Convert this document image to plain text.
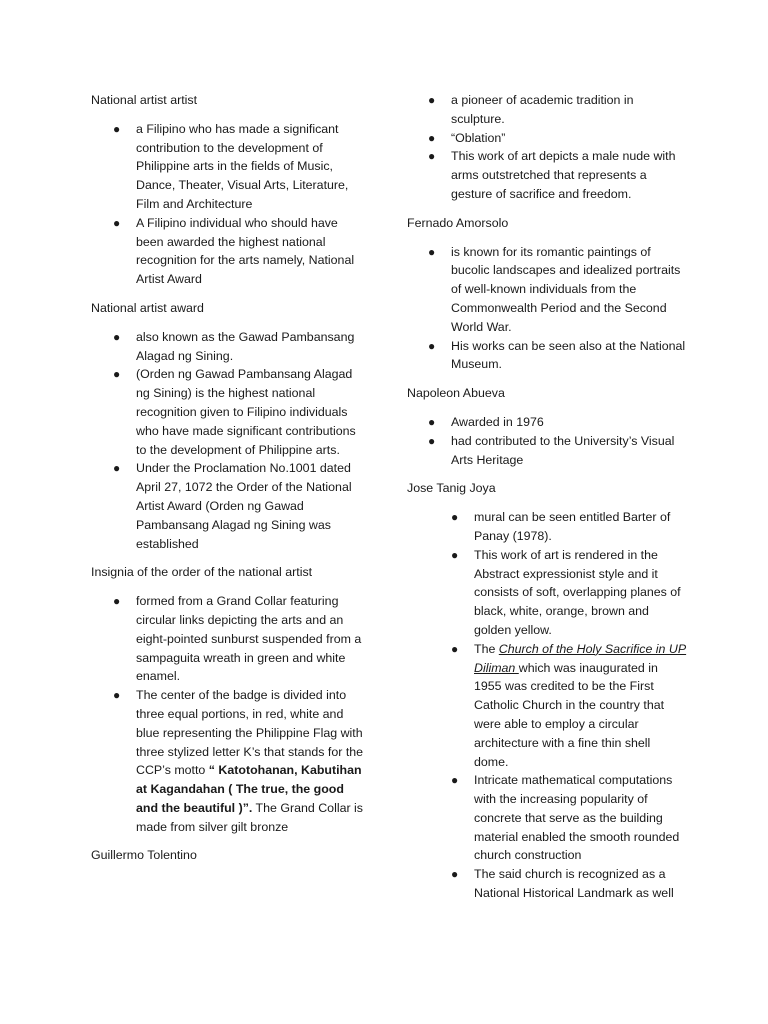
National artist artist

● a Filipino who has made a significant contribution to the development of Philippine arts in the fields of Music, Dance, Theater, Visual Arts, Literature, Film and Architecture
● A Filipino individual who should have been awarded the highest national recognition for the arts namely, National Artist Award

National artist award

● also known as the Gawad Pambansang Alagad ng Sining.
● (Orden ng Gawad Pambansang Alagad ng Sining) is the highest national recognition given to Filipino individuals who have made significant contributions to the development of Philippine arts.
● Under the Proclamation No.1001 dated April 27, 1072 the Order of the National Artist Award (Orden ng Gawad Pambansang Alagad ng Sining was established

Insignia of the order of the national artist

● formed from a Grand Collar featuring circular links depicting the arts and an eight-pointed sunburst suspended from a sampaguita wreath in green and white enamel.
● The center of the badge is divided into three equal portions, in red, white and blue representing the Philippine Flag with three stylized letter K’s that stands for the CCP’s motto “ Katotohanan, Kabutihan at Kagandahan ( The true, the good and the beautiful )”. The Grand Collar is made from silver gilt bronze

Guillermo Tolentino

● a pioneer of academic tradition in sculpture.
● “Oblation”
● This work of art depicts a male nude with arms outstretched that represents a gesture of sacrifice and freedom.

Fernado Amorsolo

● is known for its romantic paintings of bucolic landscapes and idealized portraits of well-known individuals from the Commonwealth Period and the Second World War.
● His works can be seen also at the National Museum.

Napoleon Abueva

● Awarded in 1976
● had contributed to the University’s Visual Arts Heritage

Jose Tanig Joya

● mural can be seen entitled Barter of Panay (1978).
● This work of art is rendered in the Abstract expressionist style and it consists of soft, overlapping planes of black, white, orange, brown and golden yellow.
● The Church of the Holy Sacrifice in UP Diliman which was inaugurated in 1955 was credited to be the First Catholic Church in the country that were able to employ a circular architecture with a fine thin shell dome.
● Intricate mathematical computations with the increasing popularity of concrete that serve as the building material enabled the smooth rounded church construction
● The said church is recognized as a National Historical Landmark as well
